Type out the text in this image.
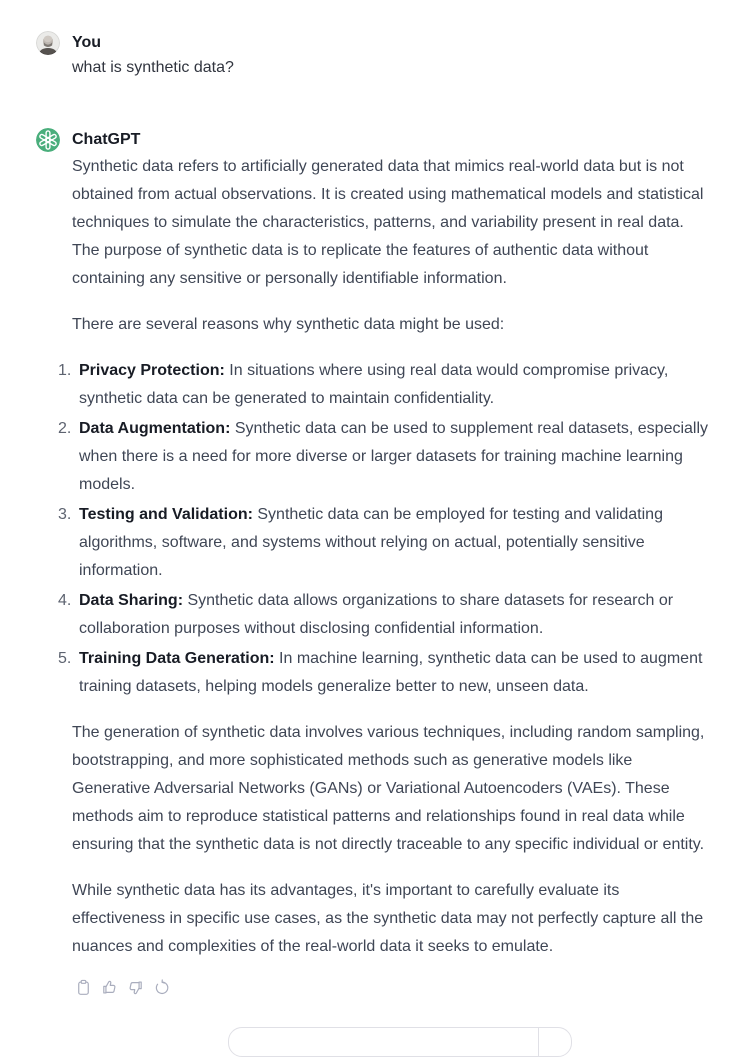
You
what is synthetic data?
ChatGPT

Synthetic data refers to artificially generated data that mimics real-world data but is not obtained from actual observations. It is created using mathematical models and statistical techniques to simulate the characteristics, patterns, and variability present in real data. The purpose of synthetic data is to replicate the features of authentic data without containing any sensitive or personally identifiable information.

There are several reasons why synthetic data might be used:

Privacy Protection: In situations where using real data would compromise privacy, synthetic data can be generated to maintain confidentiality.
Data Augmentation: Synthetic data can be used to supplement real datasets, especially when there is a need for more diverse or larger datasets for training machine learning models.
Testing and Validation: Synthetic data can be employed for testing and validating algorithms, software, and systems without relying on actual, potentially sensitive information.
Data Sharing: Synthetic data allows organizations to share datasets for research or collaboration purposes without disclosing confidential information.
Training Data Generation: In machine learning, synthetic data can be used to augment training datasets, helping models generalize better to new, unseen data.

The generation of synthetic data involves various techniques, including random sampling, bootstrapping, and more sophisticated methods such as generative models like Generative Adversarial Networks (GANs) or Variational Autoencoders (VAEs). These methods aim to reproduce statistical patterns and relationships found in real data while ensuring that the synthetic data is not directly traceable to any specific individual or entity.

While synthetic data has its advantages, it's important to carefully evaluate its effectiveness in specific use cases, as the synthetic data may not perfectly capture all the nuances and complexities of the real-world data it seeks to emulate.
